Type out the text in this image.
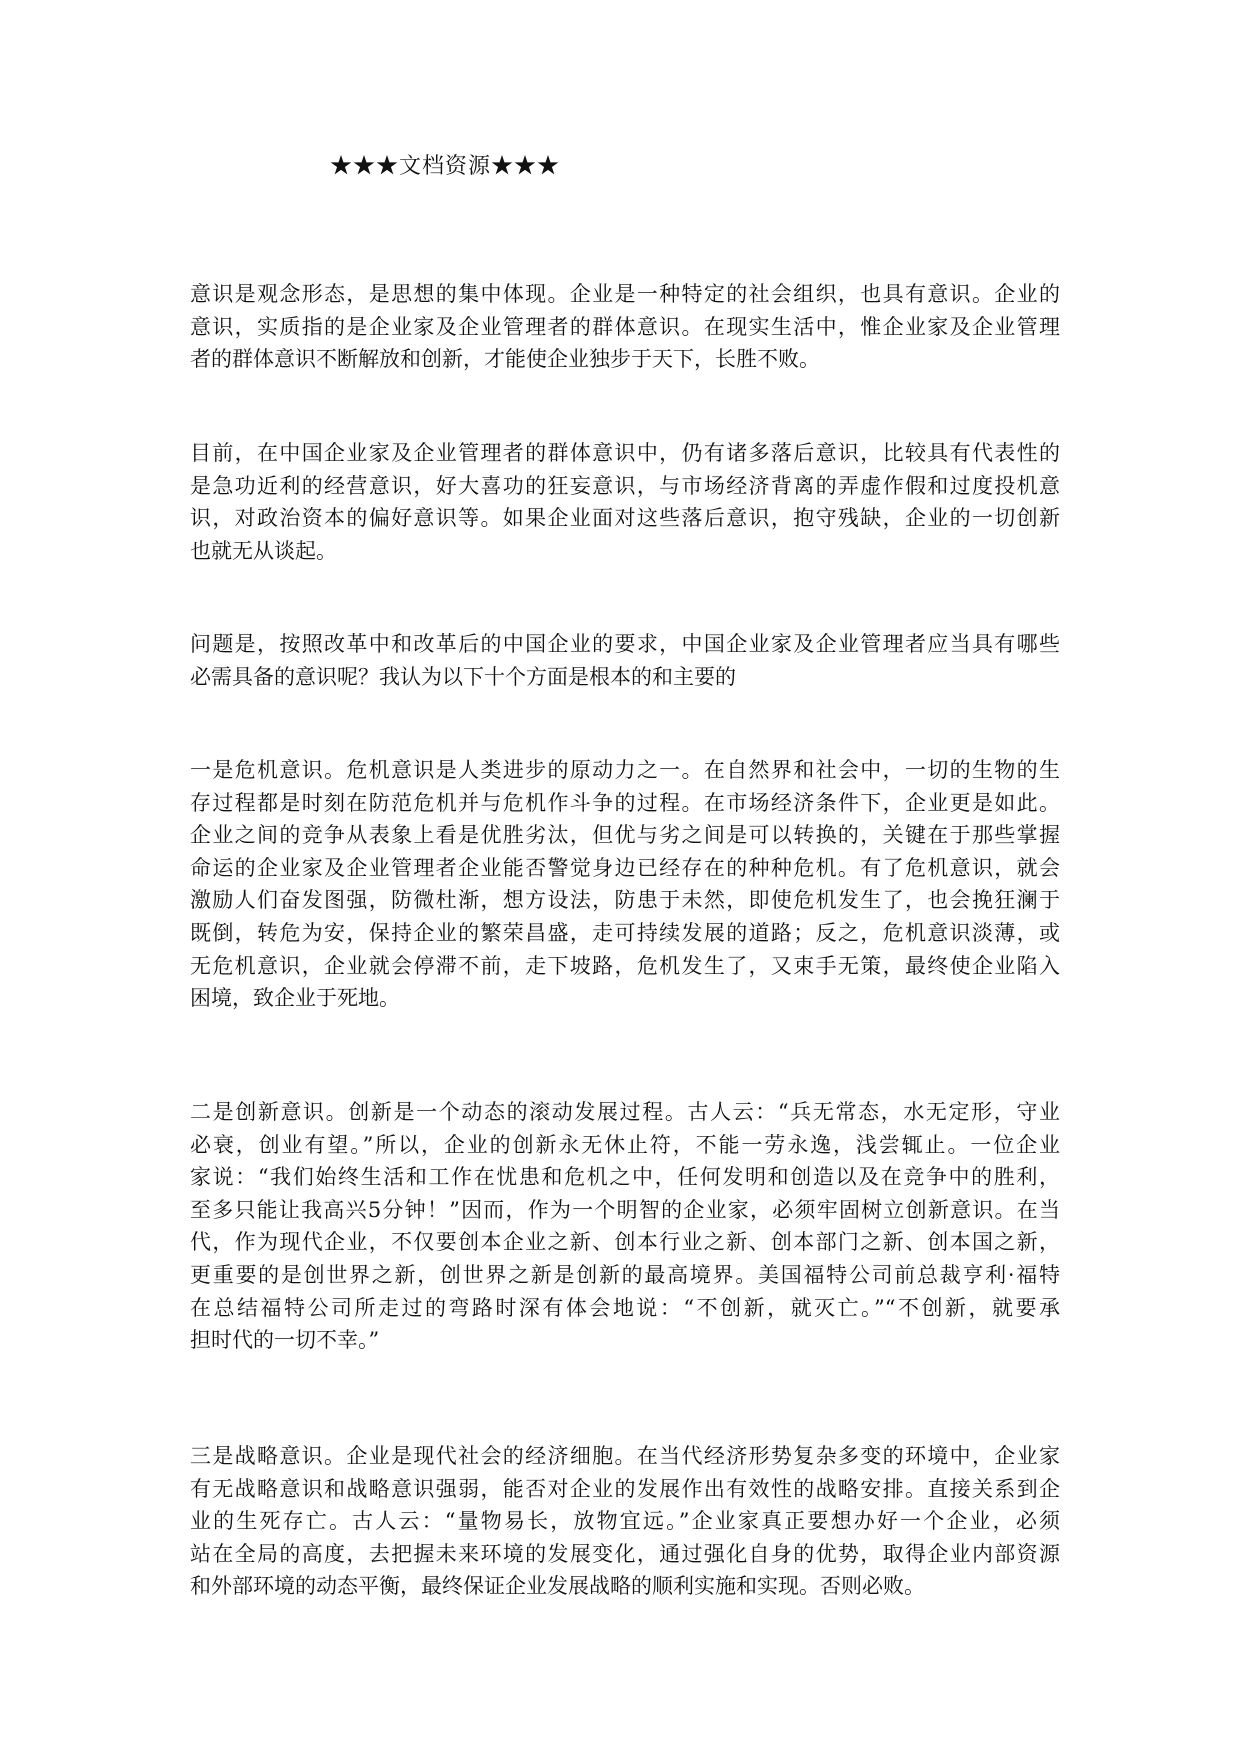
★★★文档资源★★★
意识是观念形态，是思想的集中体现。企业是一种特定的社会组织，也具有意识。企业的
意识，实质指的是企业家及企业管理者的群体意识。在现实生活中，惟企业家及企业管理
者的群体意识不断解放和创新，才能使企业独步于天下，长胜不败。
目前，在中国企业家及企业管理者的群体意识中，仍有诸多落后意识，比较具有代表性的
是急功近利的经营意识，好大喜功的狂妄意识，与市场经济背离的弄虚作假和过度投机意
识，对政治资本的偏好意识等。如果企业面对这些落后意识，抱守残缺，企业的一切创新
也就无从谈起。
问题是，按照改革中和改革后的中国企业的要求，中国企业家及企业管理者应当具有哪些
必需具备的意识呢？我认为以下十个方面是根本的和主要的
一是危机意识。危机意识是人类进步的原动力之一。在自然界和社会中，一切的生物的生
存过程都是时刻在防范危机并与危机作斗争的过程。在市场经济条件下，企业更是如此。
企业之间的竞争从表象上看是优胜劣汰，但优与劣之间是可以转换的，关键在于那些掌握
命运的企业家及企业管理者企业能否警觉身边已经存在的种种危机。有了危机意识，就会
激励人们奋发图强，防微杜渐，想方设法，防患于未然，即使危机发生了，也会挽狂澜于
既倒，转危为安，保持企业的繁荣昌盛，走可持续发展的道路；反之，危机意识淡薄，或
无危机意识，企业就会停滞不前，走下坡路，危机发生了，又束手无策，最终使企业陷入
困境，致企业于死地。
二是创新意识。创新是一个动态的滚动发展过程。古人云：“兵无常态，水无定形，守业
必衰，创业有望。”所以，企业的创新永无休止符，不能一劳永逸，浅尝辄止。一位企业
家说：“我们始终生活和工作在忧患和危机之中，任何发明和创造以及在竞争中的胜利，
至多只能让我高兴5分钟！”因而，作为一个明智的企业家，必须牢固树立创新意识。在当
代，作为现代企业，不仅要创本企业之新、创本行业之新、创本部门之新、创本国之新，
更重要的是创世界之新，创世界之新是创新的最高境界。美国福特公司前总裁亨利·福特
在总结福特公司所走过的弯路时深有体会地说：“不创新，就灭亡。”“不创新，就要承
担时代的一切不幸。”
三是战略意识。企业是现代社会的经济细胞。在当代经济形势复杂多变的环境中，企业家
有无战略意识和战略意识强弱，能否对企业的发展作出有效性的战略安排。直接关系到企
业的生死存亡。古人云：“量物易长，放物宜远。”企业家真正要想办好一个企业，必须
站在全局的高度，去把握未来环境的发展变化，通过强化自身的优势，取得企业内部资源
和外部环境的动态平衡，最终保证企业发展战略的顺利实施和实现。否则必败。
